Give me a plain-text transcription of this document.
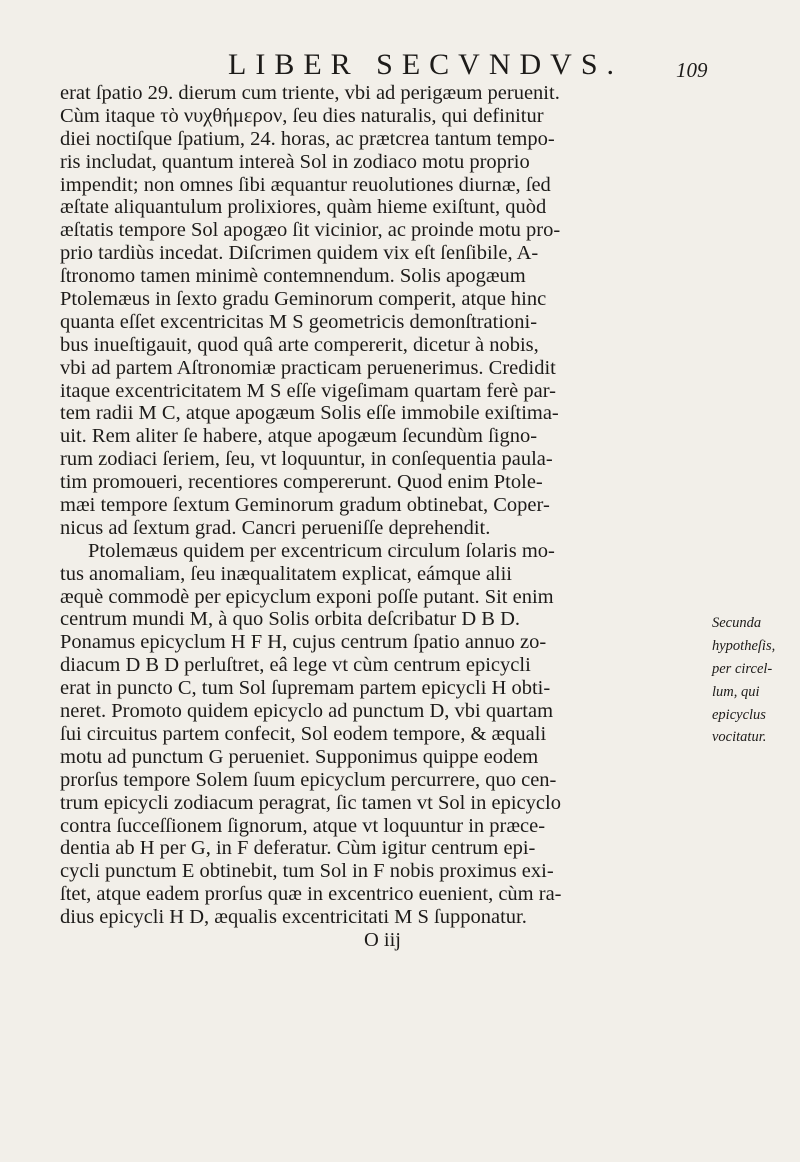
LIBER SECVNDVS.	109
erat ſpatio 29. dierum cum triente, vbi ad perigæum peruenit.
Cùm itaque τὸ νυχθήμερον, ſeu dies naturalis, qui definitur
diei noctiſque ſpatium, 24. horas, ac prætcrea tantum tempo-
ris includat, quantum intereà Sol in zodiaco motu proprio
impendit; non omnes ſibi æquantur reuolutiones diurnæ, ſed
æſtate aliquantulum prolixiores, quàm hieme exiſtunt, quòd
æſtatis tempore Sol apogæo ſit vicinior, ac proinde motu pro-
prio tardiùs incedat. Diſcrimen quidem vix eſt ſenſibile, A-
ſtronomo tamen minimè contemnendum. Solis apogæum
Ptolemæus in ſexto gradu Geminorum comperit, atque hinc
quanta eſſet excentricitas M S geometricis demonſtrationi-
bus inueſtigauit, quod quâ arte compererit, dicetur à nobis,
vbi ad partem Aſtronomiæ practicam peruenerimus. Credidit
itaque excentricitatem M S eſſe vigeſimam quartam ferè par-
tem radii M C, atque apogæum Solis eſſe immobile exiſtima-
uit. Rem aliter ſe habere, atque apogæum ſecundùm ſigno-
rum zodiaci ſeriem, ſeu, vt loquuntur, in conſequentia paula-
tim promoueri, recentiores compererunt. Quod enim Ptole-
mæi tempore ſextum Geminorum gradum obtinebat, Coper-
nicus ad ſextum grad. Cancri perueniſſe deprehendit.
Ptolemæus quidem per excentricum circulum ſolaris mo-
tus anomaliam, ſeu inæqualitatem explicat, eámque alii
æquè commodè per epicyclum exponi poſſe putant. Sit enim
centrum mundi M, à quo Solis orbita deſcribatur D B D.
Ponamus epicyclum H F H, cujus centrum ſpatio annuo zo-
diacum D B D perluſtret, eâ lege vt cùm centrum epicycli
erat in puncto C, tum Sol ſupremam partem epicycli H obti-
neret. Promoto quidem epicyclo ad punctum D, vbi quartam
ſui circuitus partem confecit, Sol eodem tempore, & æquali
motu ad punctum G perueniet. Supponimus quippe eodem
prorſus tempore Solem ſuum epicyclum percurrere, quo cen-
trum epicycli zodiacum peragrat, ſic tamen vt Sol in epicyclo
contra ſucceſſionem ſignorum, atque vt loquuntur in præce-
dentia ab H per G, in F deferatur. Cùm igitur centrum epi-
cycli punctum E obtinebit, tum Sol in F nobis proximus exi-
ſtet, atque eadem prorſus quæ in excentrico euenient, cùm ra-
dius epicycli H D, æqualis excentricitati M S ſupponatur.
O iij
Secunda
hypotheſis,
per circel-
lum, qui
epicyclus
vocitatur.
